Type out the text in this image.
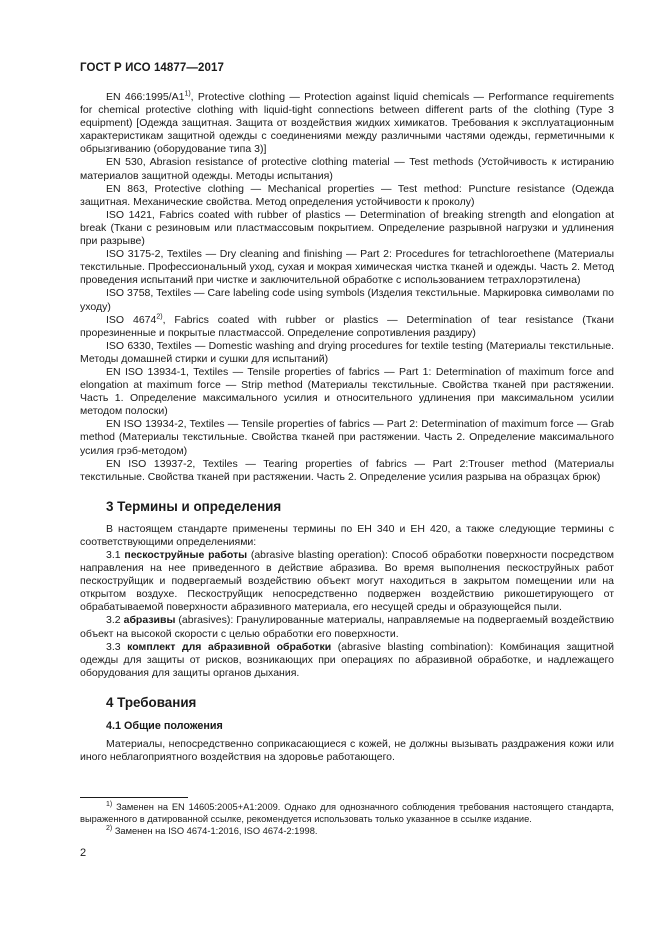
ГОСТ Р ИСО 14877—2017

EN 466:1995/A1$^{1)}$, Protective clothing — Protection against liquid chemicals — Performance requirements for chemical protective clothing with liquid-tight connections between different parts of the clothing (Type 3 equipment) [Одежда защитная. Защита от воздействия жидких химикатов. Требования к эксплуатационным характеристикам защитной одежды с соединениями между различными частями одежды, герметичными к обрызгиванию (оборудование типа 3)]

EN 530, Abrasion resistance of protective clothing material — Test methods (Устойчивость к истиранию материалов защитной одежды. Методы испытания)

EN 863, Protective clothing — Mechanical properties — Test method: Puncture resistance (Одежда защитная. Механические свойства. Метод определения устойчивости к проколу)

ISO 1421, Fabrics coated with rubber of plastics — Determination of breaking strength and elongation at break (Ткани с резиновым или пластмассовым покрытием. Определение разрывной нагрузки и удлинения при разрыве)

ISO 3175-2, Textiles — Dry cleaning and finishing — Part 2: Procedures for tetrachloroethene (Материалы текстильные. Профессиональный уход, сухая и мокрая химическая чистка тканей и одежды. Часть 2. Метод проведения испытаний при чистке и заключительной обработке с использованием тетрахлорэтилена)

ISO 3758, Textiles — Care labeling code using symbols (Изделия текстильные. Маркировка символами по уходу)

ISO 4674$^{2)}$, Fabrics coated with rubber or plastics — Determination of tear resistance (Ткани прорезиненные и покрытые пластмассой. Определение сопротивления раздиру)

ISO 6330, Textiles — Domestic washing and drying procedures for textile testing (Материалы текстильные. Методы домашней стирки и сушки для испытаний)

EN ISO 13934-1, Textiles — Tensile properties of fabrics — Part 1: Determination of maximum force and elongation at maximum force — Strip method (Материалы текстильные. Свойства тканей при растяжении. Часть 1. Определение максимального усилия и относительного удлинения при максимальном усилии методом полоски)

EN ISO 13934-2, Textiles — Tensile properties of fabrics — Part 2: Determination of maximum force — Grab method (Материалы текстильные. Свойства тканей при растяжении. Часть 2. Определение максимального усилия грэб-методом)

EN ISO 13937-2, Textiles — Tearing properties of fabrics — Part 2:Trouser method (Материалы текстильные. Свойства тканей при растяжении. Часть 2. Определение усилия разрыва на образцах брюк)

3 Термины и определения

В настоящем стандарте применены термины по ЕН 340 и ЕН 420, а также следующие термины с соответствующими определениями:

3.1 пескоструйные работы (abrasive blasting operation): Способ обработки поверхности посредством направления на нее приведенного в действие абразива. Во время выполнения пескоструйных работ пескоструйщик и подвергаемый воздействию объект могут находиться в закрытом помещении или на открытом воздухе. Пескоструйщик непосредственно подвержен воздействию рикошетирующего от обрабатываемой поверхности абразивного материала, его несущей среды и образующейся пыли.

3.2 абразивы (abrasives): Гранулированные материалы, направляемые на подвергаемый воздействию объект на высокой скорости с целью обработки его поверхности.

3.3 комплект для абразивной обработки (abrasive blasting combination): Комбинация защитной одежды для защиты от рисков, возникающих при операциях по абразивной обработке, и надлежащего оборудования для защиты органов дыхания.

4 Требования
4.1 Общие положения

Материалы, непосредственно соприкасающиеся с кожей, не должны вызывать раздражения кожи или иного неблагоприятного воздействия на здоровье работающего.

$^{1)}$ Заменен на EN 14605:2005+A1:2009. Однако для однозначного соблюдения требования настоящего стандарта, выраженного в датированной ссылке, рекомендуется использовать только указанное в ссылке издание.

$^{2)}$ Заменен на ISO 4674-1:2016, ISO 4674-2:1998.

2
